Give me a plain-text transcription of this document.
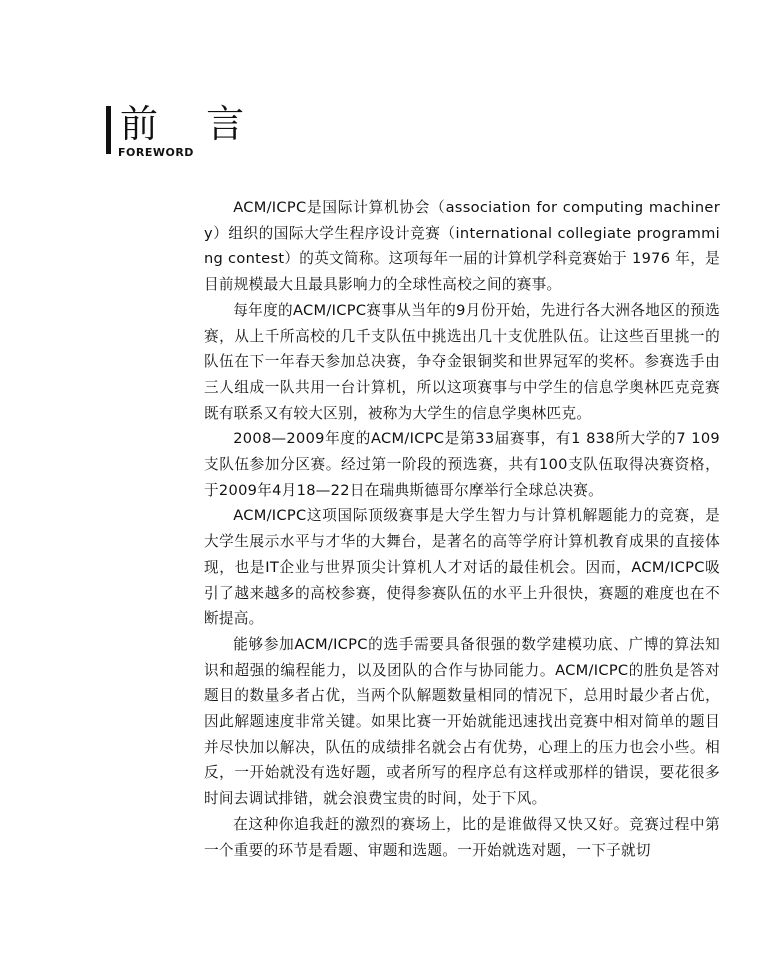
前 言
FOREWORD

ACM/ICPC是国际计算机协会（association for computing machinery）组织的国际大学生程序设计竞赛（international collegiate programming contest）的英文简称。这项每年一届的计算机学科竞赛始于 1976 年，是目前规模最大且最具影响力的全球性高校之间的赛事。

每年度的ACM/ICPC赛事从当年的9月份开始，先进行各大洲各地区的预选赛，从上千所高校的几千支队伍中挑选出几十支优胜队伍。让这些百里挑一的队伍在下一年春天参加总决赛，争夺金银铜奖和世界冠军的奖杯。参赛选手由三人组成一队共用一台计算机，所以这项赛事与中学生的信息学奥林匹克竞赛既有联系又有较大区别，被称为大学生的信息学奥林匹克。

2008—2009年度的ACM/ICPC是第33届赛事，有1 838所大学的7 109支队伍参加分区赛。经过第一阶段的预选赛，共有100支队伍取得决赛资格，于2009年4月18—22日在瑞典斯德哥尔摩举行全球总决赛。

ACM/ICPC这项国际顶级赛事是大学生智力与计算机解题能力的竞赛，是大学生展示水平与才华的大舞台，是著名的高等学府计算机教育成果的直接体现，也是IT企业与世界顶尖计算机人才对话的最佳机会。因而，ACM/ICPC吸引了越来越多的高校参赛，使得参赛队伍的水平上升很快，赛题的难度也在不断提高。

能够参加ACM/ICPC的选手需要具备很强的数学建模功底、广博的算法知识和超强的编程能力，以及团队的合作与协同能力。ACM/ICPC的胜负是答对题目的数量多者占优，当两个队解题数量相同的情况下，总用时最少者占优，因此解题速度非常关键。如果比赛一开始就能迅速找出竞赛中相对简单的题目并尽快加以解决，队伍的成绩排名就会占有优势，心理上的压力也会小些。相反，一开始就没有选好题，或者所写的程序总有这样或那样的错误，要花很多时间去调试排错，就会浪费宝贵的时间，处于下风。

在这种你追我赶的激烈的赛场上，比的是谁做得又快又好。竞赛过程中第一个重要的环节是看题、审题和选题。一开始就选对题，一下子就切
